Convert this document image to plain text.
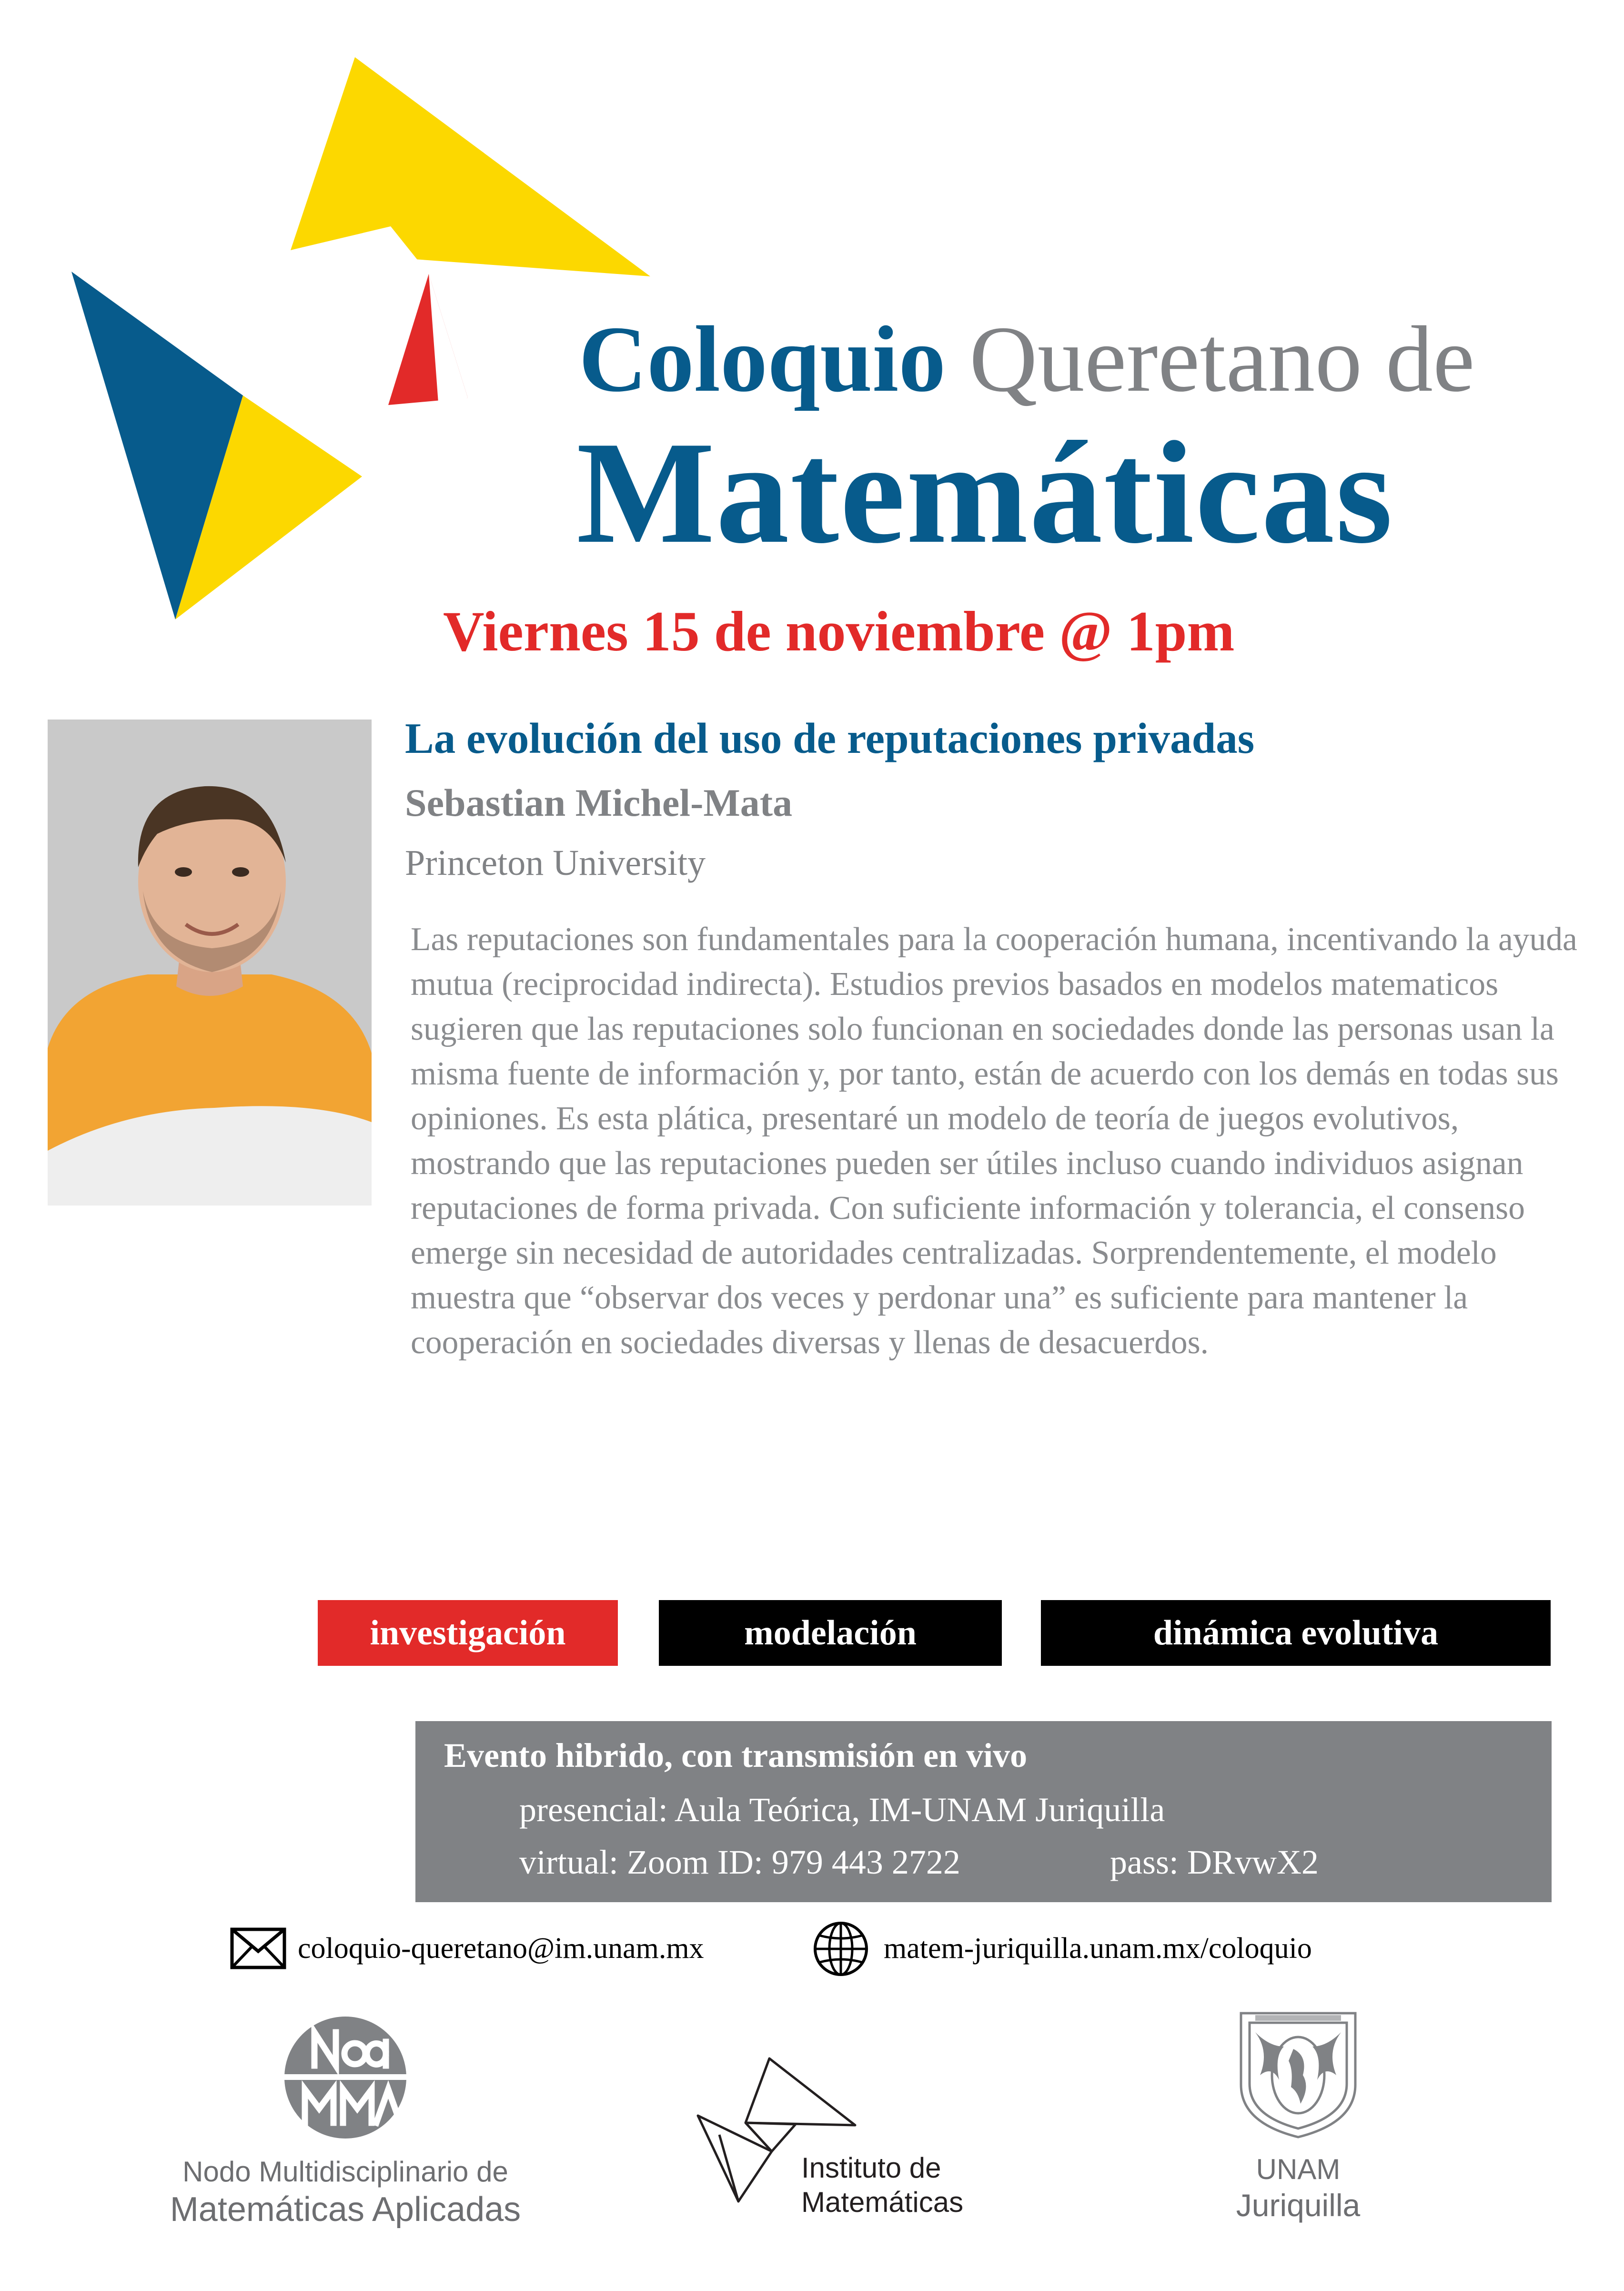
Coloquio Queretano de
Matemáticas
Viernes 15 de noviembre @ 1pm
La evolución del uso de reputaciones privadas
Sebastian Michel-Mata
Princeton University
Las reputaciones son fundamentales para la cooperación humana, incentivando la ayuda mutua (reciprocidad indirecta). Estudios previos basados en modelos matematicos sugieren que las reputaciones solo funcionan en sociedades donde las personas usan la misma fuente de información y, por tanto, están de acuerdo con los demás en todas sus opiniones. Es esta plática, presentaré un modelo de teoría de juegos evolutivos, mostrando que las reputaciones pueden ser útiles incluso cuando individuos asignan reputaciones de forma privada. Con suficiente información y tolerancia, el consenso emerge sin necesidad de autoridades centralizadas. Sorprendentemente, el modelo muestra que “observar dos veces y perdonar una” es suficiente para mantener la cooperación en sociedades diversas y llenas de desacuerdos.
investigación	modelación	dinámica evolutiva
Evento hibrido, con transmisión en vivo
presencial: Aula Teórica, IM-UNAM Juriquilla
virtual: Zoom ID: 979 443 2722	pass: DRvwX2
coloquio-queretano@im.unam.mx	matem-juriquilla.unam.mx/coloquio
Nodo Multidisciplinario de
Matemáticas Aplicadas
Instituto de
Matemáticas
UNAM
Juriquilla
